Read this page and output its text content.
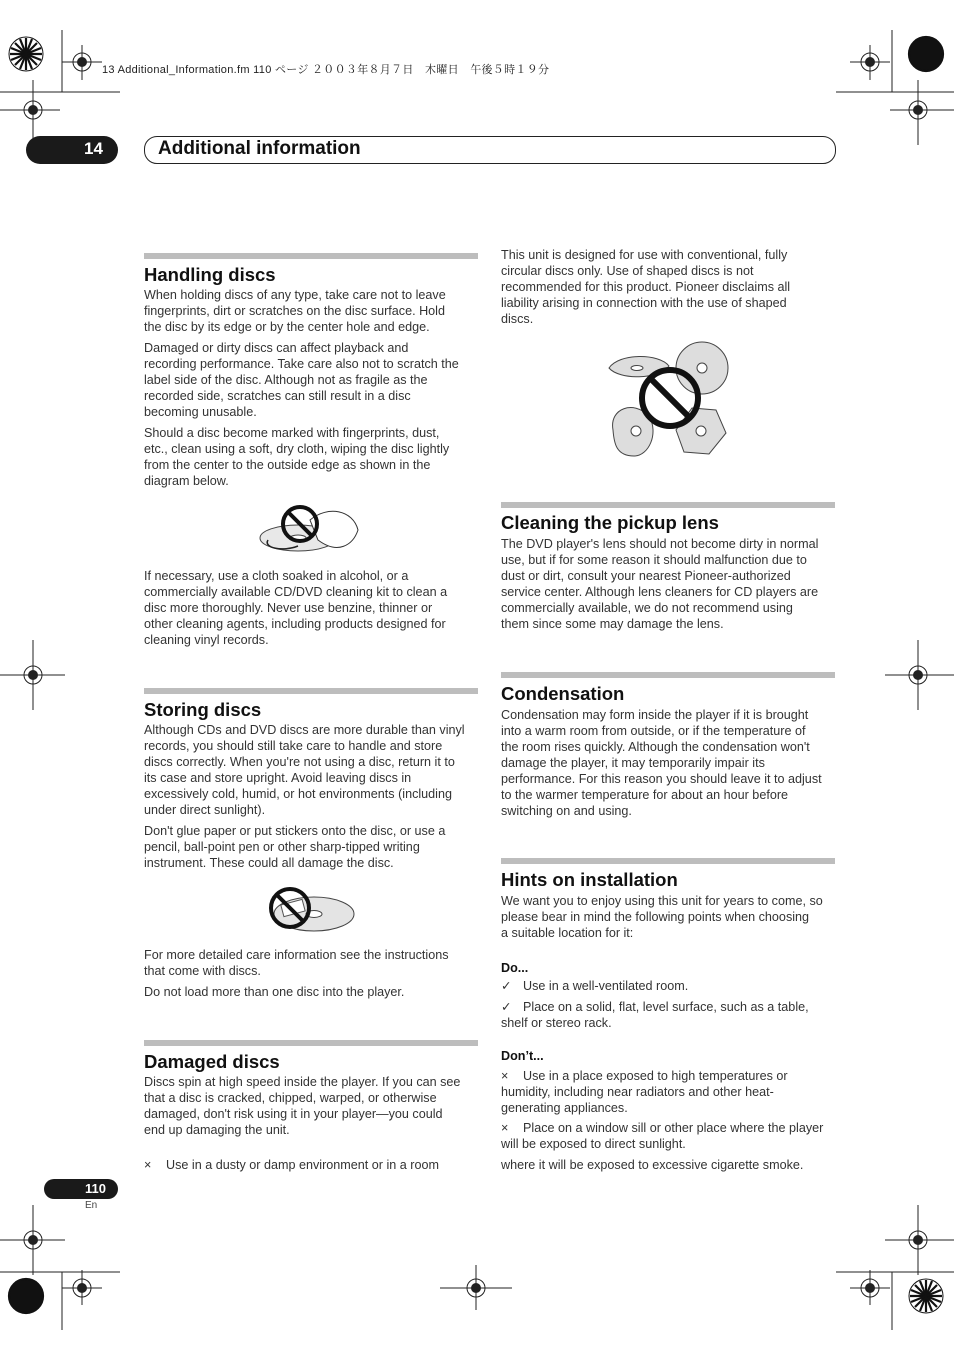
13 Additional_Information.fm 110 ページ ２００３年８月７日　木曜日　午後５時１９分
14	Additional information
Handling discs
When holding discs of any type, take care not to leave
fingerprints, dirt or scratches on the disc surface. Hold
the disc by its edge or by the center hole and edge.
Damaged or dirty discs can affect playback and
recording performance. Take care also not to scratch the
label side of the disc. Although not as fragile as the
recorded side, scratches can still result in a disc
becoming unusable.
Should a disc become marked with fingerprints, dust,
etc., clean using a soft, dry cloth, wiping the disc lightly
from the center to the outside edge as shown in the
diagram below.
If necessary, use a cloth soaked in alcohol, or a
commercially available CD/DVD cleaning kit to clean a
disc more thoroughly. Never use benzine, thinner or
other cleaning agents, including products designed for
cleaning vinyl records.
Storing discs
Although CDs and DVD discs are more durable than vinyl
records, you should still take care to handle and store
discs correctly. When you're not using a disc, return it to
its case and store upright. Avoid leaving discs in
excessively cold, humid, or hot environments (including
under direct sunlight).
Don't glue paper or put stickers onto the disc, or use a
pencil, ball-point pen or other sharp-tipped writing
instrument. These could all damage the disc.
For more detailed care information see the instructions
that come with discs.
Do not load more than one disc into the player.
Damaged discs
Discs spin at high speed inside the player. If you can see
that a disc is cracked, chipped, warped, or otherwise
damaged, don't risk using it in your player—you could
end up damaging the unit.
× Use in a dusty or damp environment or in a room
This unit is designed for use with conventional, fully
circular discs only. Use of shaped discs is not
recommended for this product. Pioneer disclaims all
liability arising in connection with the use of shaped
discs.
Cleaning the pickup lens
The DVD player's lens should not become dirty in normal
use, but if for some reason it should malfunction due to
dust or dirt, consult your nearest Pioneer-authorized
service center. Although lens cleaners for CD players are
commercially available, we do not recommend using
them since some may damage the lens.
Condensation
Condensation may form inside the player if it is brought
into a warm room from outside, or if the temperature of
the room rises quickly. Although the condensation won't
damage the player, it may temporarily impair its
performance. For this reason you should leave it to adjust
to the warmer temperature for about an hour before
switching on and using.
Hints on installation
We want you to enjoy using this unit for years to come, so
please bear in mind the following points when choosing
a suitable location for it:
Do...
✓ Use in a well-ventilated room.
✓ Place on a solid, flat, level surface, such as a table,
shelf or stereo rack.
Don’t...
× Use in a place exposed to high temperatures or
humidity, including near radiators and other heat-
generating appliances.
× Place on a window sill or other place where the player
will be exposed to direct sunlight.
where it will be exposed to excessive cigarette smoke.
110
En
